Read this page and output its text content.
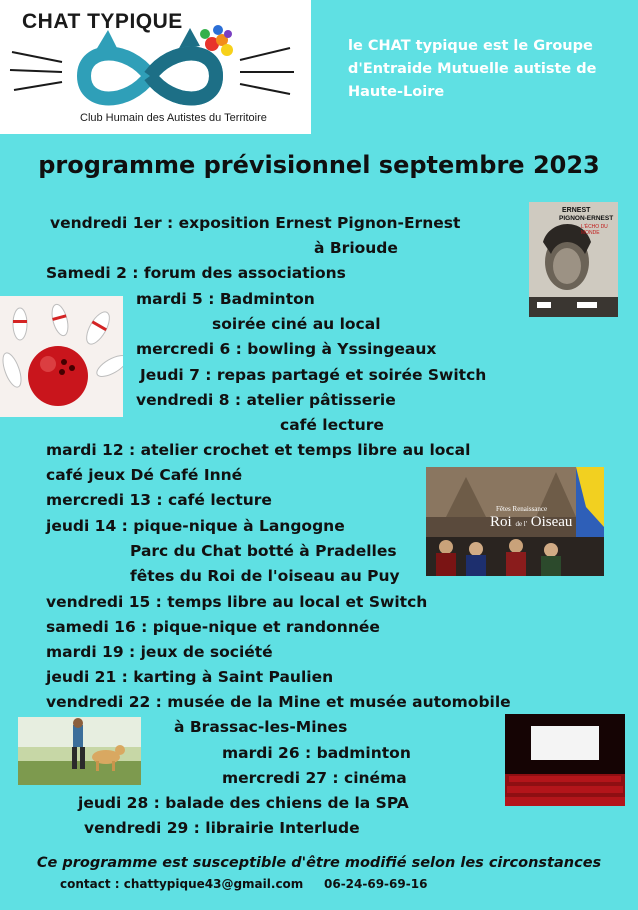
CHAT TYPIQUE
Club Humain des Autistes du Territoire
le CHAT typique est le Groupe d'Entraide Mutuelle autiste de Haute-Loire
programme prévisionnel septembre 2023
vendredi 1er : exposition Ernest Pignon-Ernest
à Brioude
Samedi 2 : forum des associations
mardi 5 : Badminton
soirée ciné au local
mercredi 6 : bowling à Yssingeaux
Jeudi 7 : repas partagé et soirée Switch
vendredi 8 : atelier pâtisserie
café lecture
mardi 12 : atelier crochet et temps libre au local
café jeux Dé Café Inné
mercredi 13 : café lecture
jeudi 14 : pique-nique à Langogne
Parc du Chat botté à Pradelles
fêtes du Roi de l'oiseau au Puy
vendredi 15 : temps libre au local et Switch
samedi 16 : pique-nique et randonnée
mardi 19 : jeux de société
jeudi 21 : karting à Saint Paulien
vendredi 22 : musée de la Mine et musée automobile
à Brassac-les-Mines
mardi 26 : badminton
mercredi 27 : cinéma
jeudi 28 : balade des chiens de la SPA
vendredi 29 : librairie Interlude
ERNEST
PIGNON-ERNEST
L'ÉCHO DU MONDE
Fêtes Renaissance
Roi de l' Oiseau
Ce programme est susceptible d'être modifié selon les circonstances
contact : chattypique43@gmail.com 06-24-69-69-16
